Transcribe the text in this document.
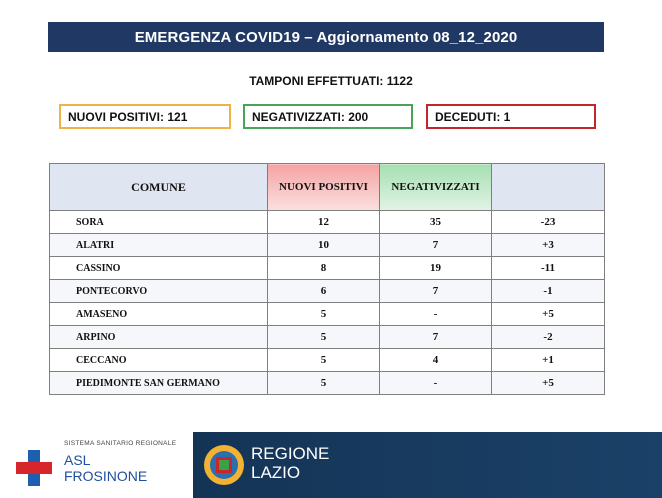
EMERGENZA COVID19 – Aggiornamento 08_12_2020
TAMPONI EFFETTUATI: 1122
NUOVI POSITIVI: 121	NEGATIVIZZATI: 200	DECEDUTI: 1
COMUNE	NUOVI POSITIVI	NEGATIVIZZATI	
SORA	12	35	-23
ALATRI	10	7	+3
CASSINO	8	19	-11
PONTECORVO	6	7	-1
AMASENO	5	-	+5
ARPINO	5	7	-2
CECCANO	5	4	+1
PIEDIMONTE SAN GERMANO	5	-	+5
SISTEMA SANITARIO REGIONALE
ASL
FROSINONE
REGIONE
LAZIO
